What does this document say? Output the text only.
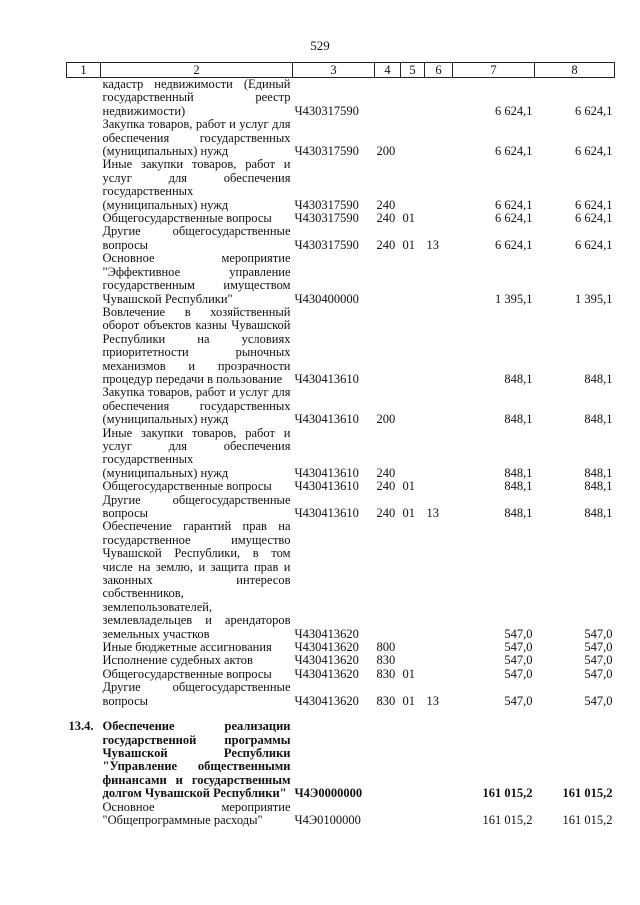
529
1	2	3	4	5	6	7	8
	кадастр недвижимости (Единый государственный реестр недвижимости)	Ч430317590				6 624,1	6 624,1
	Закупка товаров, работ и услуг для обеспечения государственных (муниципальных) нужд	Ч430317590	200			6 624,1	6 624,1
	Иные закупки товаров, работ и услуг для обеспечения государственных (муниципальных) нужд	Ч430317590	240			6 624,1	6 624,1
	Общегосударственные вопросы	Ч430317590	240	01		6 624,1	6 624,1
	Другие общегосударственные вопросы	Ч430317590	240	01	13	6 624,1	6 624,1
	Основное мероприятие "Эффективное управление государственным имуществом Чувашской Республики"	Ч430400000				1 395,1	1 395,1
	Вовлечение в хозяйственный оборот объектов казны Чувашской Республики на условиях приоритетности рыночных механизмов и прозрачности процедур передачи в пользование	Ч430413610				848,1	848,1
	Закупка товаров, работ и услуг для обеспечения государственных (муниципальных) нужд	Ч430413610	200			848,1	848,1
	Иные закупки товаров, работ и услуг для обеспечения государственных (муниципальных) нужд	Ч430413610	240			848,1	848,1
	Общегосударственные вопросы	Ч430413610	240	01		848,1	848,1
	Другие общегосударственные вопросы	Ч430413610	240	01	13	848,1	848,1
	Обеспечение гарантий прав на государственное имущество Чувашской Республики, в том числе на землю, и защита прав и законных интересов собственников, землепользователей, землевладельцев и арендаторов земельных участков	Ч430413620				547,0	547,0
	Иные бюджетные ассигнования	Ч430413620	800			547,0	547,0
	Исполнение судебных актов	Ч430413620	830			547,0	547,0
	Общегосударственные вопросы	Ч430413620	830	01		547,0	547,0
	Другие общегосударственные вопросы	Ч430413620	830	01	13	547,0	547,0

13.4.	Обеспечение реализации государственной программы Чувашской Республики "Управление общественными финансами и государственным долгом Чувашской Республики"	Ч4Э0000000				161 015,2	161 015,2
	Основное мероприятие "Общепрограммные расходы"	Ч4Э0100000				161 015,2	161 015,2
